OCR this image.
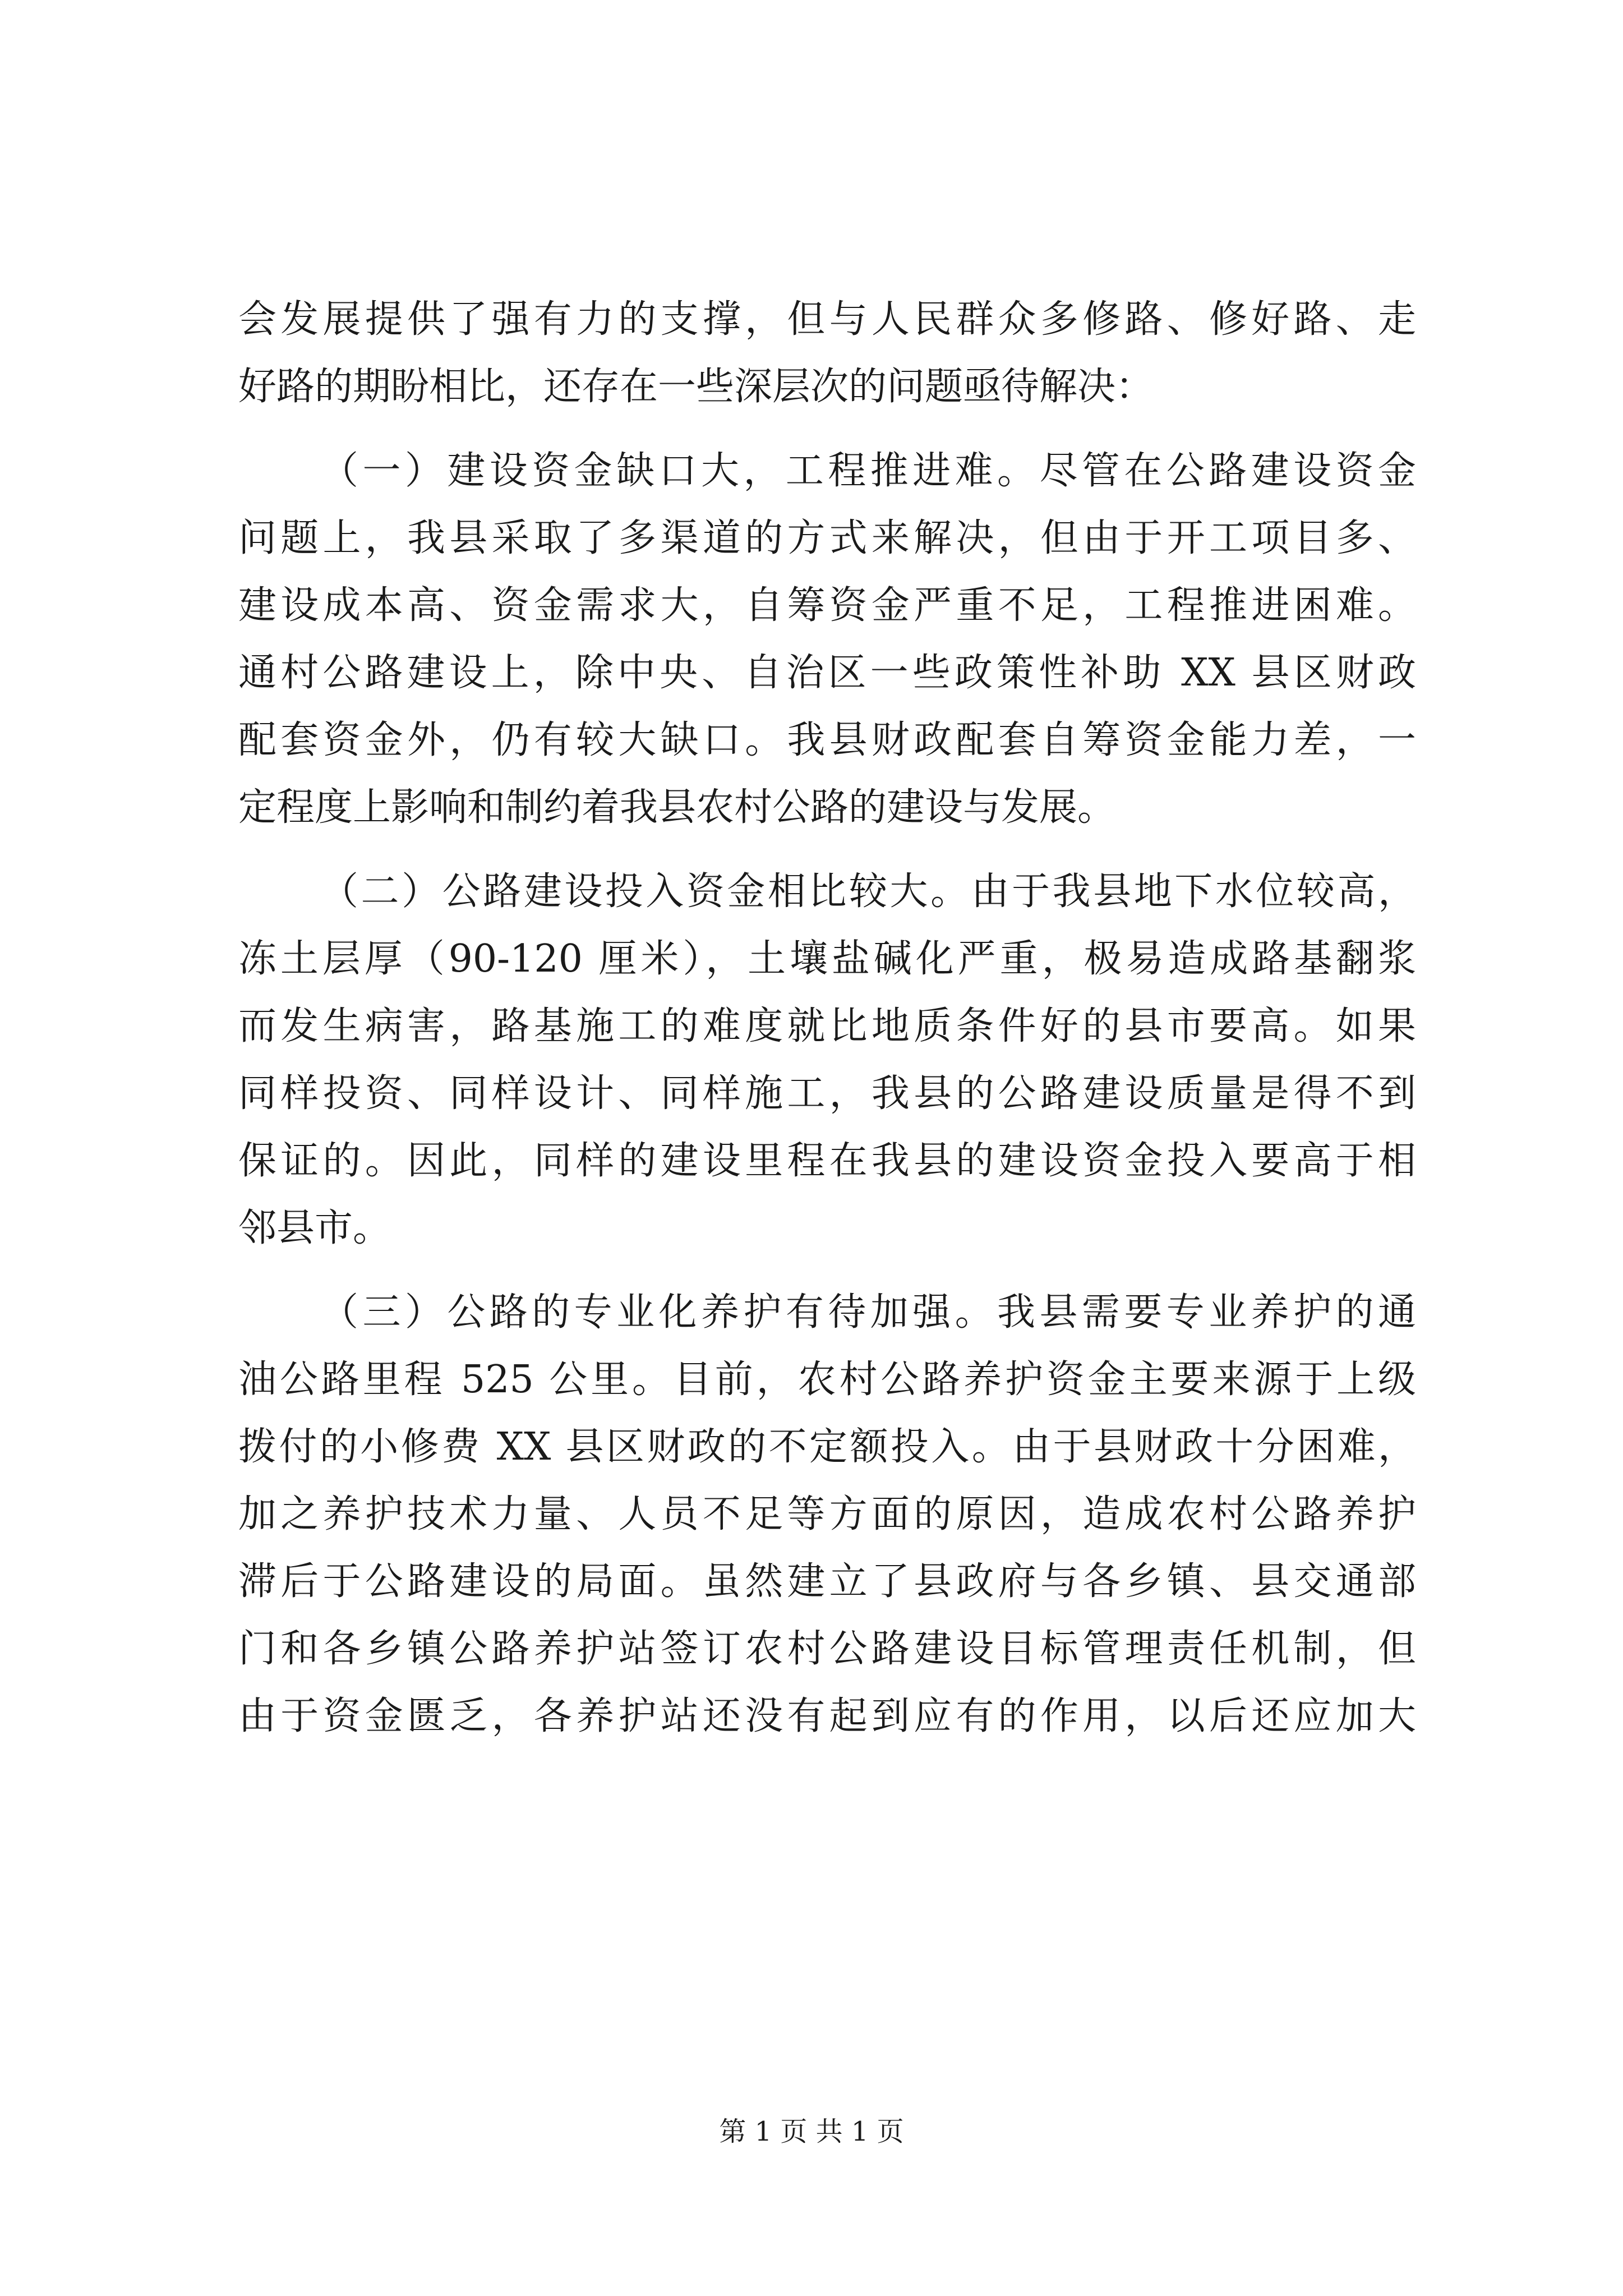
会发展提供了强有力的支撑，但与人民群众多修路、修好路、走
好路的期盼相比，还存在一些深层次的问题亟待解决：
（一）建设资金缺口大，工程推进难。尽管在公路建设资金
问题上，我县采取了多渠道的方式来解决，但由于开工项目多、
建设成本高、资金需求大，自筹资金严重不足，工程推进困难。
通村公路建设上，除中央、自治区一些政策性补助 XX 县区财政
配套资金外，仍有较大缺口。我县财政配套自筹资金能力差，一
定程度上影响和制约着我县农村公路的建设与发展。
（二）公路建设投入资金相比较大。由于我县地下水位较高，
冻土层厚（90-120 厘米），土壤盐碱化严重，极易造成路基翻浆
而发生病害，路基施工的难度就比地质条件好的县市要高。如果
同样投资、同样设计、同样施工，我县的公路建设质量是得不到
保证的。因此，同样的建设里程在我县的建设资金投入要高于相
邻县市。
（三）公路的专业化养护有待加强。我县需要专业养护的通
油公路里程 525 公里。目前，农村公路养护资金主要来源于上级
拨付的小修费 XX 县区财政的不定额投入。由于县财政十分困难，
加之养护技术力量、人员不足等方面的原因，造成农村公路养护
滞后于公路建设的局面。虽然建立了县政府与各乡镇、县交通部
门和各乡镇公路养护站签订农村公路建设目标管理责任机制，但
由于资金匮乏，各养护站还没有起到应有的作用，以后还应加大
第 1 页 共 1 页
